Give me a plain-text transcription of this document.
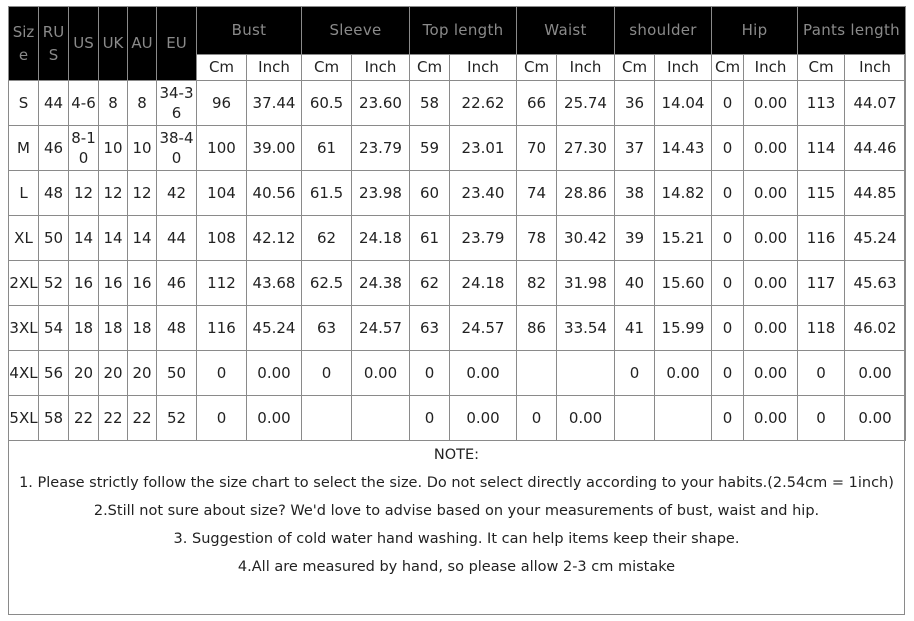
Size	RUS	US	UK	AU	EU	Bust		Sleeve		Top length		Waist		shoulder		Hip		Pants length	
						Cm	Inch	Cm	Inch	Cm	Inch	Cm	Inch	Cm	Inch	Cm	Inch	Cm	Inch
S	44	4-6	8	8	34-36	96	37.44	60.5	23.60	58	22.62	66	25.74	36	14.04	0	0.00	113	44.07
M	46	8-10	10	10	38-40	100	39.00	61	23.79	59	23.01	70	27.30	37	14.43	0	0.00	114	44.46
L	48	12	12	12	42	104	40.56	61.5	23.98	60	23.40	74	28.86	38	14.82	0	0.00	115	44.85
XL	50	14	14	14	44	108	42.12	62	24.18	61	23.79	78	30.42	39	15.21	0	0.00	116	45.24
2XL	52	16	16	16	46	112	43.68	62.5	24.38	62	24.18	82	31.98	40	15.60	0	0.00	117	45.63
3XL	54	18	18	18	48	116	45.24	63	24.57	63	24.57	86	33.54	41	15.99	0	0.00	118	46.02
4XL	56	20	20	20	50	0	0.00	0	0.00	0	0.00			0	0.00	0	0.00	0	0.00
5XL	58	22	22	22	52	0	0.00			0	0.00	0	0.00			0	0.00	0	0.00
NOTE:
1. Please strictly follow the size chart to select the size. Do not select directly according to your habits.(2.54cm = 1inch)
2.Still not sure about size? We'd love to advise based on your measurements of bust, waist and hip.
3. Suggestion of cold water hand washing. It can help items keep their shape.
4.All are measured by hand, so please allow 2-3 cm mistake
